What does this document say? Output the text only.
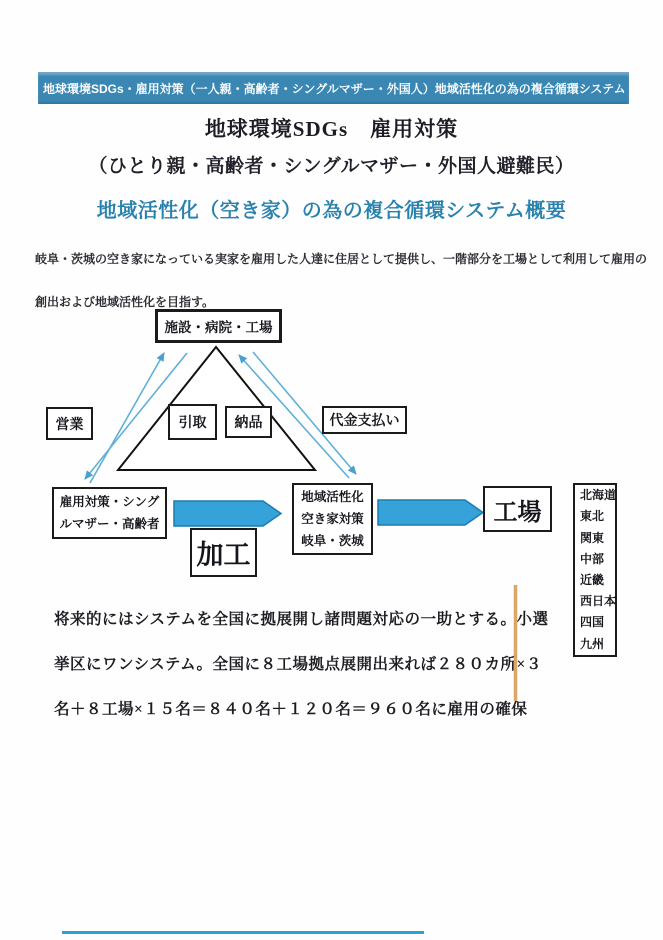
地球環境SDGs・雇用対策（一人親・高齢者・シングルマザー・外国人）地域活性化の為の複合循環システム
地球環境SDGs　雇用対策
（ひとり親・高齢者・シングルマザー・外国人避難民）
地域活性化（空き家）の為の複合循環システム概要
岐阜・茨城の空き家になっている実家を雇用した人達に住居として提供し、一階部分を工場として利用して雇用の
創出および地域活性化を目指す。
施設・病院・工場
営業	引取 納品	代金支払い
雇用対策・シング
ルマザー・高齢者
加工
地域活性化
空き家対策
岐阜・茨城
工場
北海道
東北
関東
中部
近畿
西日本
四国
九州
将来的にはシステムを全国に拠展開し諸問題対応の一助とする。小選
挙区にワンシステム。全国に８工場拠点展開出来れば２８０カ所×３
名＋８工場×１５名＝８４０名＋１２０名＝９６０名に雇用の確保
